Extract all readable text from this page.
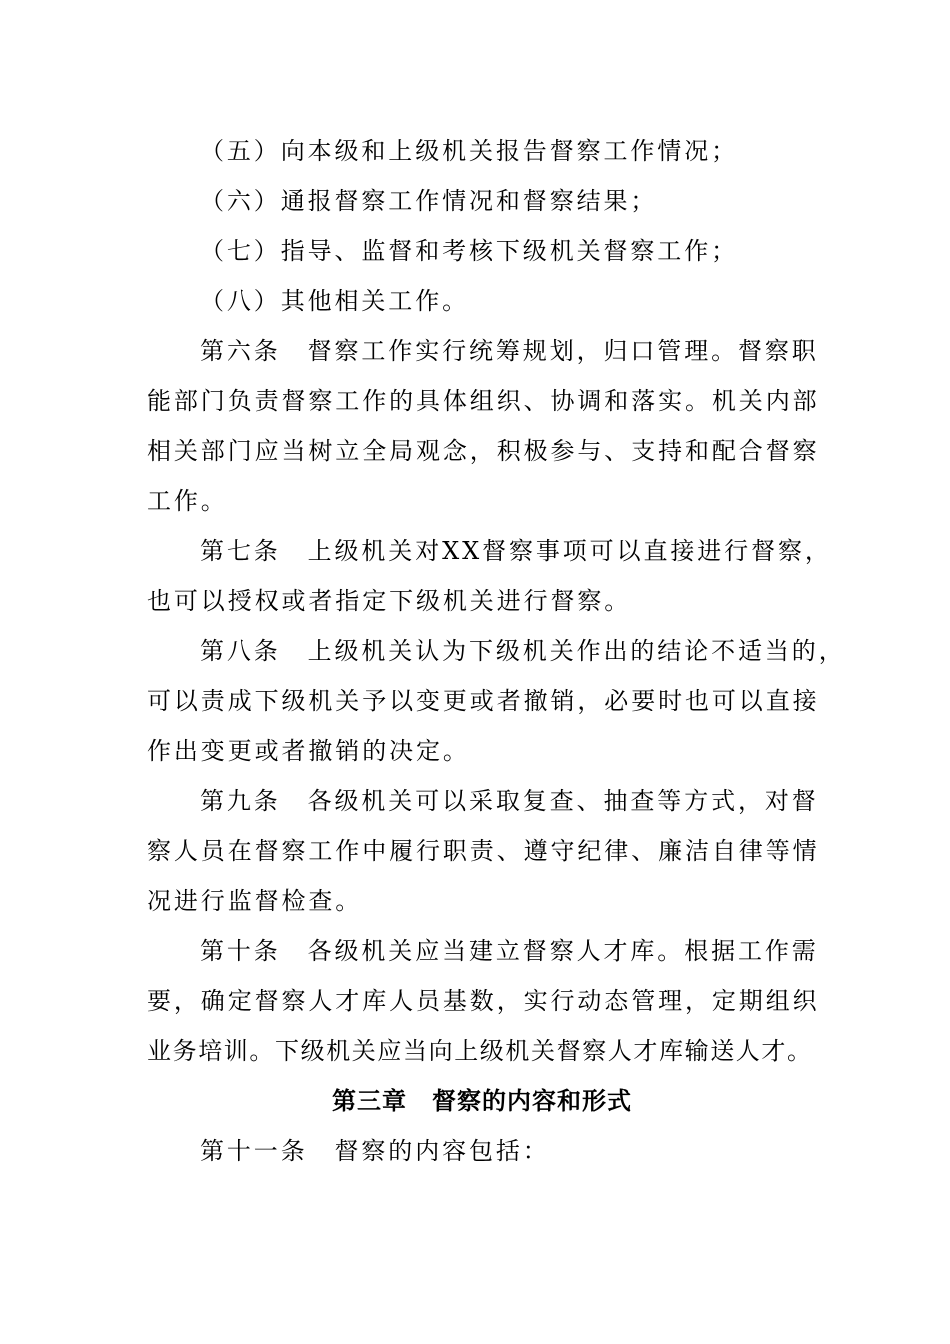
（五）向本级和上级机关报告督察工作情况；
（六）通报督察工作情况和督察结果；
（七）指导、监督和考核下级机关督察工作；
（八）其他相关工作。
第六条　督察工作实行统筹规划，归口管理。督察职
能部门负责督察工作的具体组织、协调和落实。机关内部
相关部门应当树立全局观念，积极参与、支持和配合督察
工作。
第七条　上级机关对XX督察事项可以直接进行督察，
也可以授权或者指定下级机关进行督察。
第八条　上级机关认为下级机关作出的结论不适当的，
可以责成下级机关予以变更或者撤销，必要时也可以直接
作出变更或者撤销的决定。
第九条　各级机关可以采取复查、抽查等方式，对督
察人员在督察工作中履行职责、遵守纪律、廉洁自律等情
况进行监督检查。
第十条　各级机关应当建立督察人才库。根据工作需
要，确定督察人才库人员基数，实行动态管理，定期组织
业务培训。下级机关应当向上级机关督察人才库输送人才。
第三章　督察的内容和形式
第十一条　督察的内容包括：
